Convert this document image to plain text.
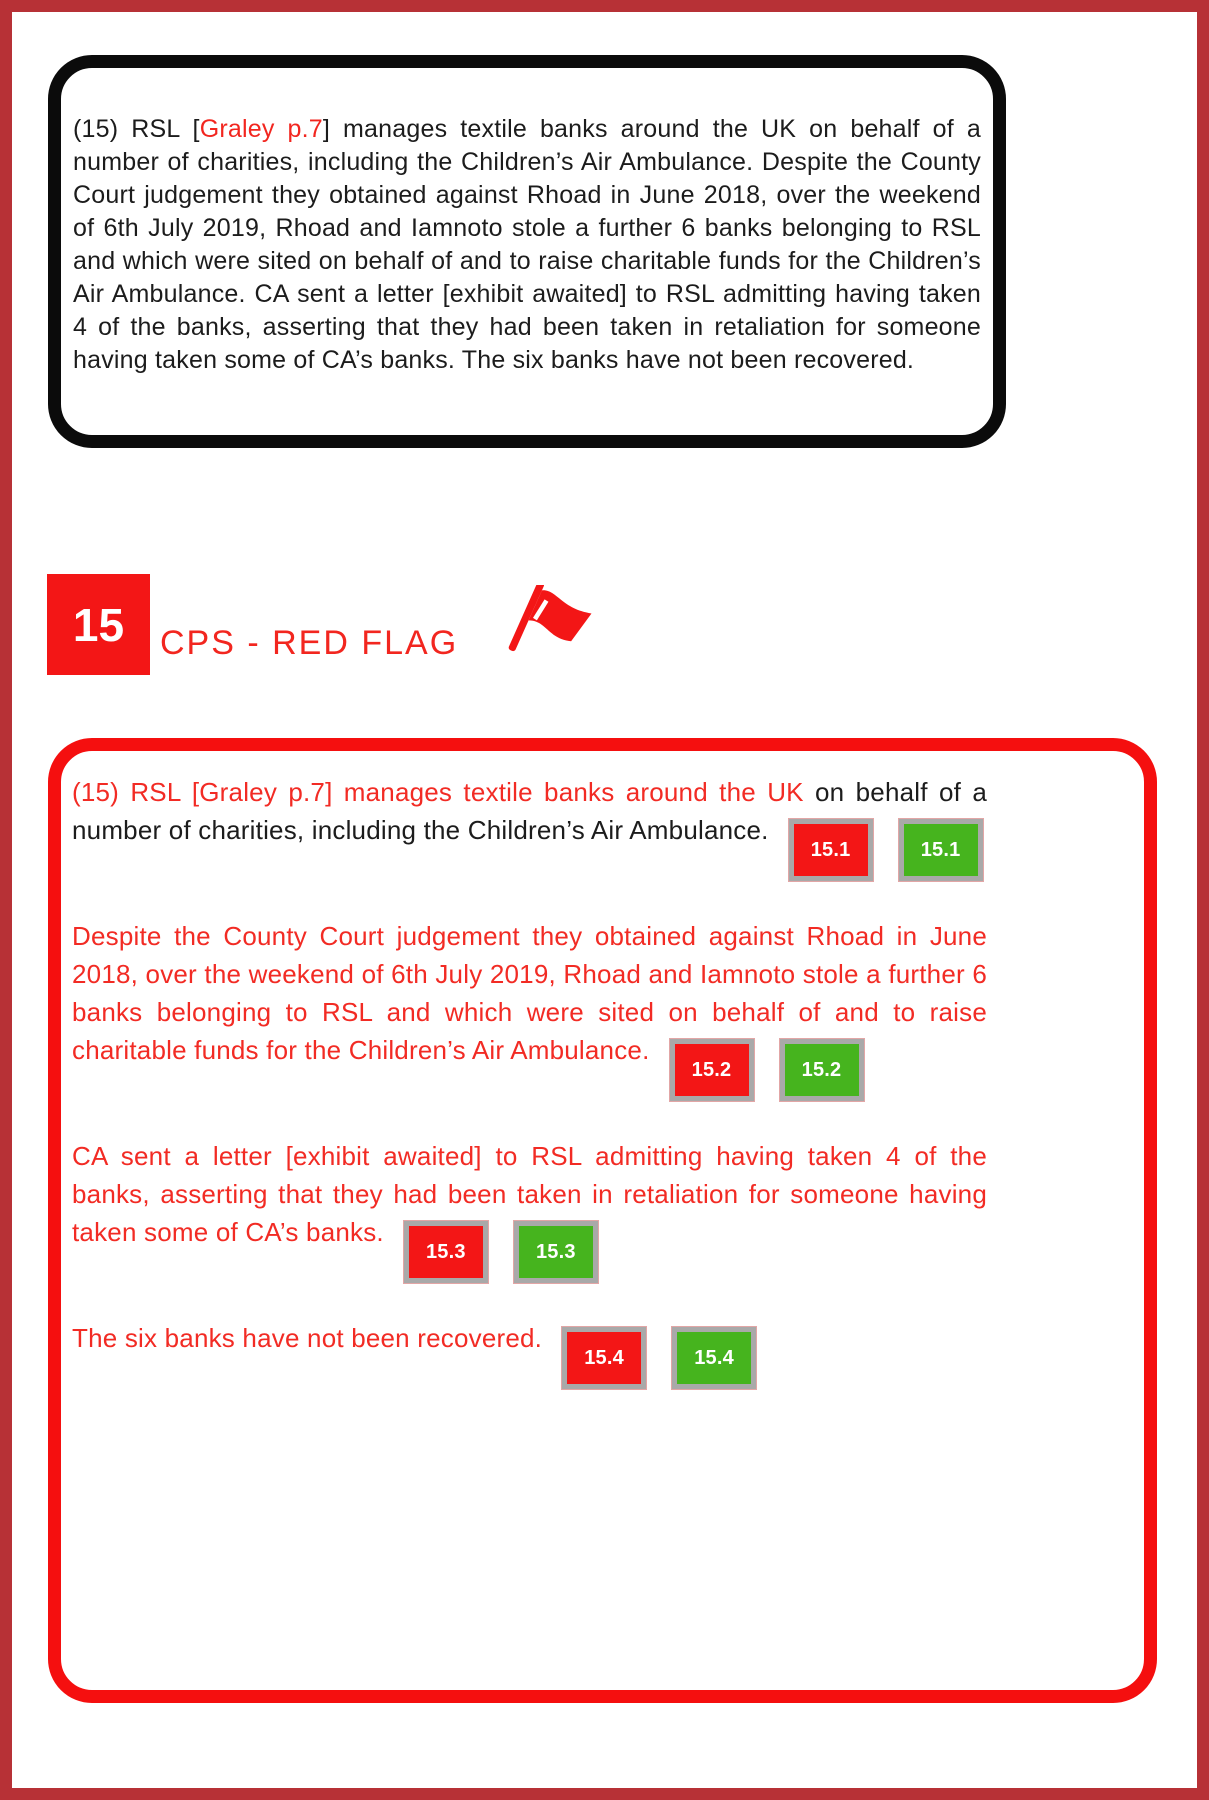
(15) RSL [Graley p.7] manages textile banks around the UK on behalf of a number of charities, including the Children’s Air Ambulance. Despite the County Court judgement they obtained against Rhoad in June 2018, over the weekend of 6th July 2019, Rhoad and Iamnoto stole a further 6 banks belonging to RSL and which were sited on behalf of and to raise charitable funds for the Children’s Air Ambulance. CA sent a letter [exhibit awaited] to RSL admitting having taken 4 of the banks, asserting that they had been taken in retaliation for someone having taken some of CA’s banks. The six banks have not been recovered.

15 CPS - RED FLAG

(15) RSL [Graley p.7] manages textile banks around the UK on behalf of a number of charities, including the Children’s Air Ambulance.
15.1	15.1

Despite the County Court judgement they obtained against Rhoad in June 2018, over the weekend of 6th July 2019, Rhoad and Iamnoto stole a further 6 banks belonging to RSL and which were sited on behalf of and to raise charitable funds for the Children’s Air Ambulance.
15.2	15.2

CA sent a letter [exhibit awaited] to RSL admitting having taken 4 of the banks, asserting that they had been taken in retaliation for someone having taken some of CA’s banks.
15.3	15.3

The six banks have not been recovered.
15.4	15.4
